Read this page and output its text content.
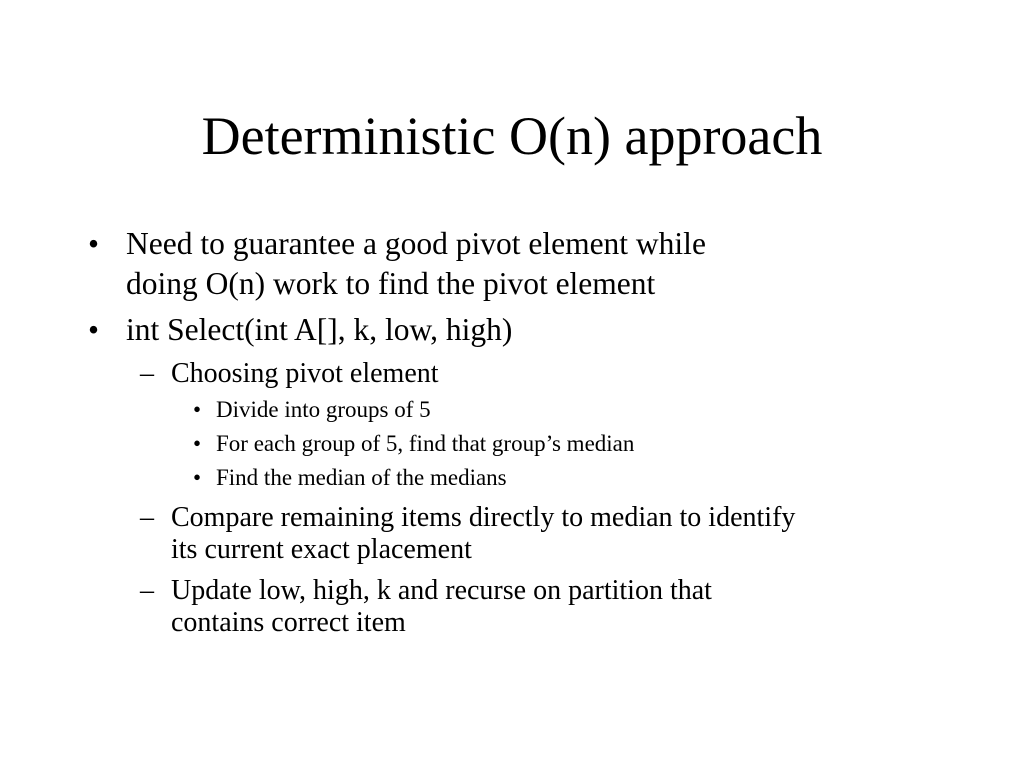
Deterministic O(n) approach
• Need to guarantee a good pivot element while
doing O(n) work to find the pivot element
• int Select(int A[], k, low, high)
– Choosing pivot element
• Divide into groups of 5
• For each group of 5, find that group’s median
• Find the median of the medians
– Compare remaining items directly to median to identify
its current exact placement
– Update low, high, k and recurse on partition that
contains correct item
